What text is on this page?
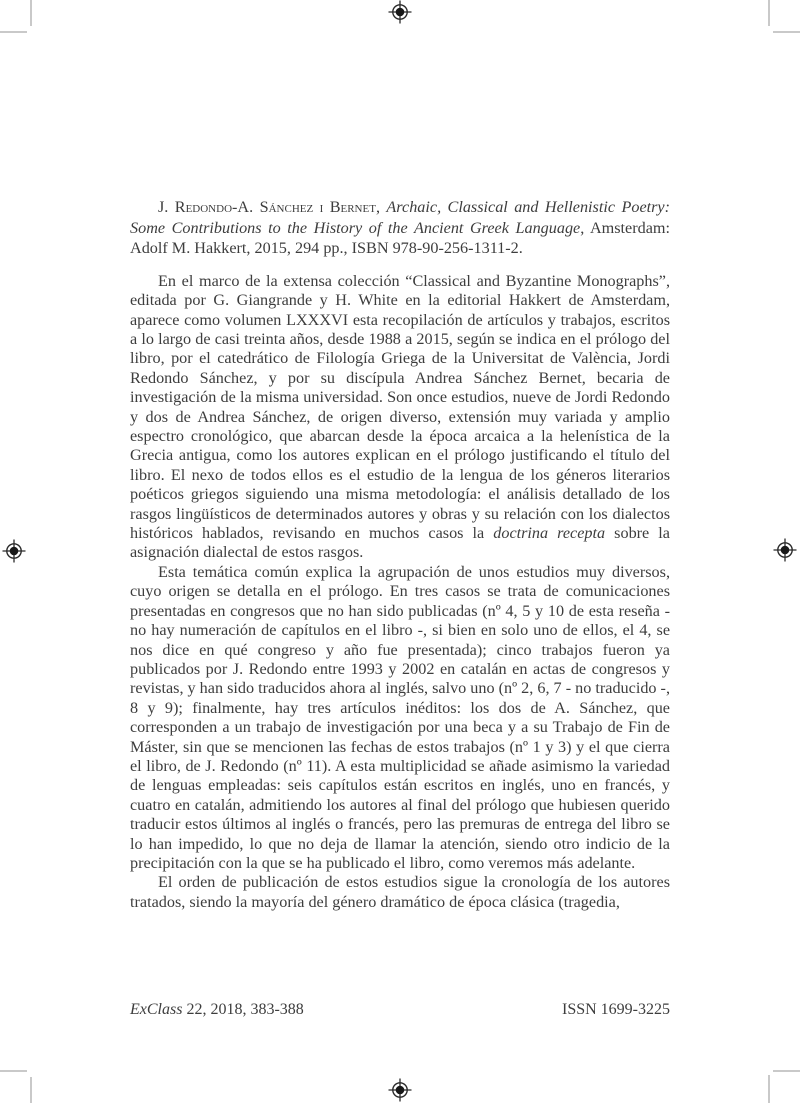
J. Redondo-A. Sánchez i Bernet, Archaic, Classical and Hellenistic Poetry: Some Contributions to the History of the Ancient Greek Language, Amsterdam: Adolf M. Hakkert, 2015, 294 pp., ISBN 978-90-256-1311-2.

En el marco de la extensa colección “Classical and Byzantine Monographs”, editada por G. Giangrande y H. White en la editorial Hakkert de Amsterdam, aparece como volumen LXXXVI esta recopilación de artículos y trabajos, escritos a lo largo de casi treinta años, desde 1988 a 2015, según se indica en el prólogo del libro, por el catedrático de Filología Griega de la Universitat de València, Jordi Redondo Sánchez, y por su discípula Andrea Sánchez Bernet, becaria de investigación de la misma universidad. Son once estudios, nueve de Jordi Redondo y dos de Andrea Sánchez, de origen diverso, extensión muy variada y amplio espectro cronológico, que abarcan desde la época arcaica a la helenística de la Grecia antigua, como los autores explican en el prólogo justificando el título del libro. El nexo de todos ellos es el estudio de la lengua de los géneros literarios poéticos griegos siguiendo una misma metodología: el análisis detallado de los rasgos lingüísticos de determinados autores y obras y su relación con los dialectos históricos hablados, revisando en muchos casos la doctrina recepta sobre la asignación dialectal de estos rasgos.

Esta temática común explica la agrupación de unos estudios muy diversos, cuyo origen se detalla en el prólogo. En tres casos se trata de comunicaciones presentadas en congresos que no han sido publicadas (nº 4, 5 y 10 de esta reseña - no hay numeración de capítulos en el libro -, si bien en solo uno de ellos, el 4, se nos dice en qué congreso y año fue presentada); cinco trabajos fueron ya publicados por J. Redondo entre 1993 y 2002 en catalán en actas de congresos y revistas, y han sido traducidos ahora al inglés, salvo uno (nº 2, 6, 7 - no traducido -, 8 y 9); finalmente, hay tres artículos inéditos: los dos de A. Sánchez, que corresponden a un trabajo de investigación por una beca y a su Trabajo de Fin de Máster, sin que se mencionen las fechas de estos trabajos (nº 1 y 3) y el que cierra el libro, de J. Redondo (nº 11). A esta multiplicidad se añade asimismo la variedad de lenguas empleadas: seis capítulos están escritos en inglés, uno en francés, y cuatro en catalán, admitiendo los autores al final del prólogo que hubiesen querido traducir estos últimos al inglés o francés, pero las premuras de entrega del libro se lo han impedido, lo que no deja de llamar la atención, siendo otro indicio de la precipitación con la que se ha publicado el libro, como veremos más adelante.

El orden de publicación de estos estudios sigue la cronología de los autores tratados, siendo la mayoría del género dramático de época clásica (tragedia,

ExClass 22, 2018, 383-388	ISSN 1699-3225
